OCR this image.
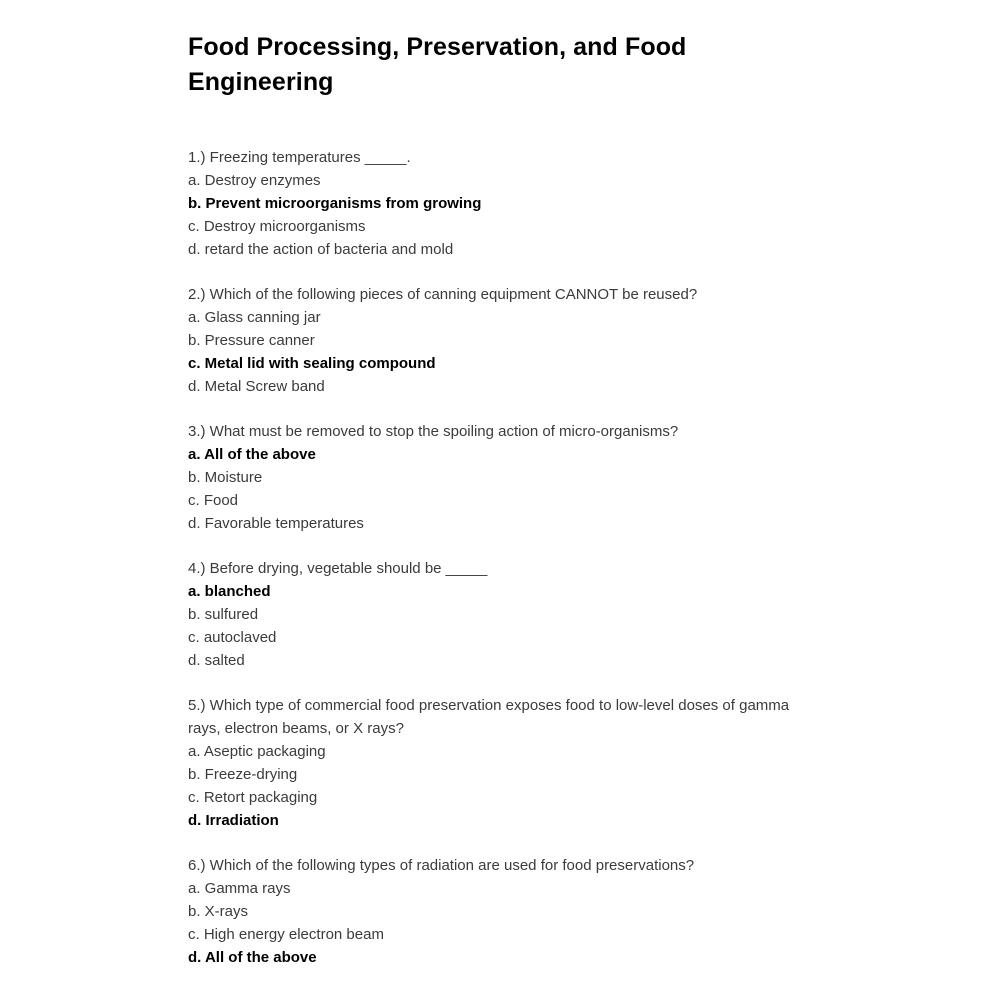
Food Processing, Preservation, and Food Engineering

1.) Freezing temperatures _____.

a. Destroy enzymes

b. Prevent microorganisms from growing

c. Destroy microorganisms

d. retard the action of bacteria and mold

2.) Which of the following pieces of canning equipment CANNOT be reused?

a. Glass canning jar

b. Pressure canner

c. Metal lid with sealing compound

d. Metal Screw band

3.) What must be removed to stop the spoiling action of micro-organisms?

a. All of the above

b. Moisture

c. Food

d. Favorable temperatures

4.) Before drying, vegetable should be _____

a. blanched

b. sulfured

c. autoclaved

d. salted

5.) Which type of commercial food preservation exposes food to low-level doses of gamma rays, electron beams, or X rays?

a. Aseptic packaging

b. Freeze-drying

c. Retort packaging

d. Irradiation

6.) Which of the following types of radiation are used for food preservations?

a. Gamma rays

b. X-rays

c. High energy electron beam

d. All of the above
